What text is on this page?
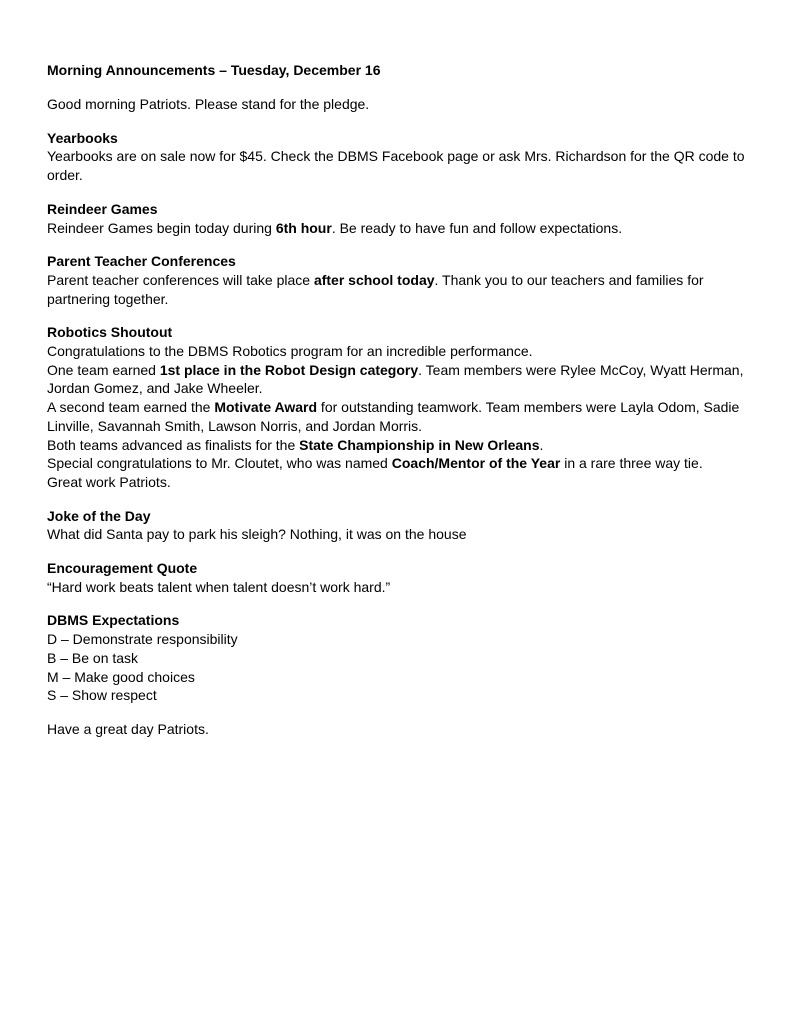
Morning Announcements – Tuesday, December 16

Good morning Patriots. Please stand for the pledge.

Yearbooks

Yearbooks are on sale now for $45. Check the DBMS Facebook page or ask Mrs. Richardson for the QR code to order.

Reindeer Games

Reindeer Games begin today during 6th hour. Be ready to have fun and follow expectations.

Parent Teacher Conferences

Parent teacher conferences will take place after school today. Thank you to our teachers and families for partnering together.

Robotics Shoutout

Congratulations to the DBMS Robotics program for an incredible performance.

One team earned 1st place in the Robot Design category. Team members were Rylee McCoy, Wyatt Herman, Jordan Gomez, and Jake Wheeler.

A second team earned the Motivate Award for outstanding teamwork. Team members were Layla Odom, Sadie Linville, Savannah Smith, Lawson Norris, and Jordan Morris.

Both teams advanced as finalists for the State Championship in New Orleans.

Special congratulations to Mr. Cloutet, who was named Coach/Mentor of the Year in a rare three way tie.

Great work Patriots.

Joke of the Day

What did Santa pay to park his sleigh? Nothing, it was on the house

Encouragement Quote

“Hard work beats talent when talent doesn’t work hard.”

DBMS Expectations

D – Demonstrate responsibility

B – Be on task

M – Make good choices

S – Show respect

Have a great day Patriots.
